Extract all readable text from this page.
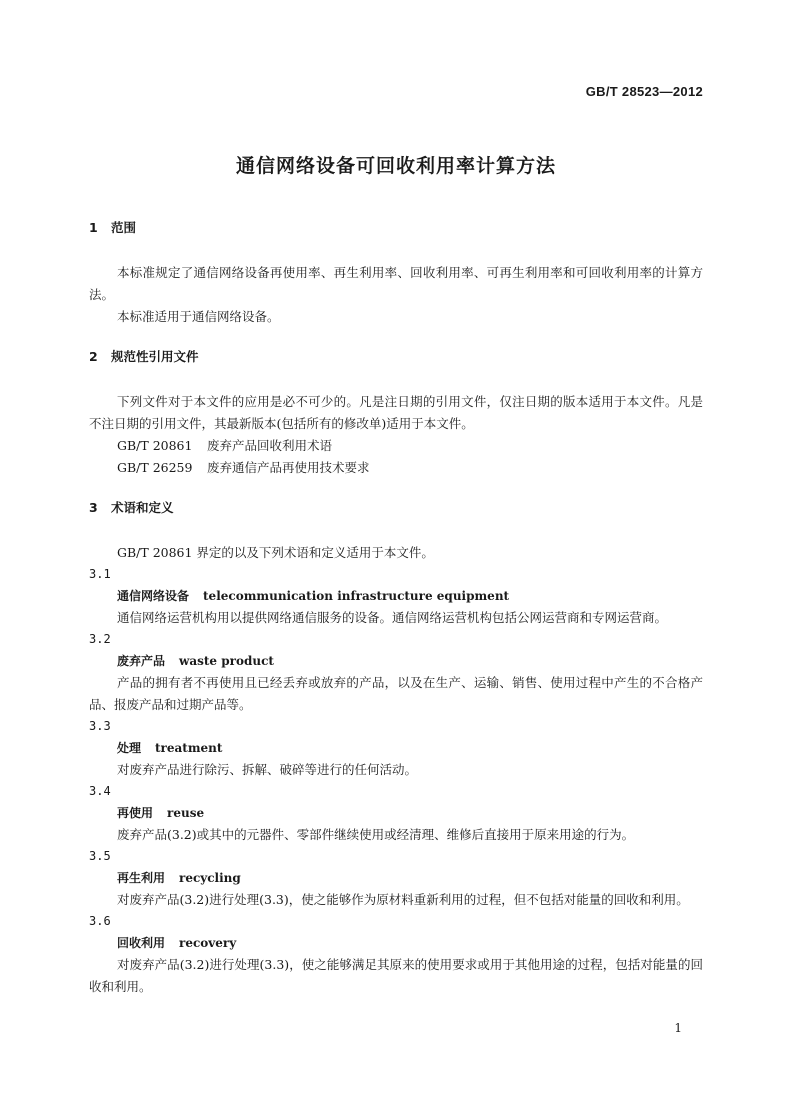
GB/T 28523—2012
通信网络设备可回收利用率计算方法
1 范围

本标准规定了通信网络设备再使用率、再生利用率、回收利用率、可再生利用率和可回收利用率的计算方法。

本标准适用于通信网络设备。

2 规范性引用文件

下列文件对于本文件的应用是必不可少的。凡是注日期的引用文件，仅注日期的版本适用于本文件。凡是不注日期的引用文件，其最新版本(包括所有的修改单)适用于本文件。

GB/T 20861 废弃产品回收利用术语

GB/T 26259 废弃通信产品再使用技术要求

3 术语和定义

GB/T 20861 界定的以及下列术语和定义适用于本文件。

3.1

通信网络设备 telecommunication infrastructure equipment

通信网络运营机构用以提供网络通信服务的设备。通信网络运营机构包括公网运营商和专网运营商。

3.2

废弃产品 waste product

产品的拥有者不再使用且已经丢弃或放弃的产品，以及在生产、运输、销售、使用过程中产生的不合格产品、报废产品和过期产品等。

3.3

处理 treatment

对废弃产品进行除污、拆解、破碎等进行的任何活动。

3.4

再使用 reuse

废弃产品(3.2)或其中的元器件、零部件继续使用或经清理、维修后直接用于原来用途的行为。

3.5

再生利用 recycling

对废弃产品(3.2)进行处理(3.3)，使之能够作为原材料重新利用的过程，但不包括对能量的回收和利用。

3.6

回收利用 recovery

对废弃产品(3.2)进行处理(3.3)，使之能够满足其原来的使用要求或用于其他用途的过程，包括对能量的回收和利用。

1
